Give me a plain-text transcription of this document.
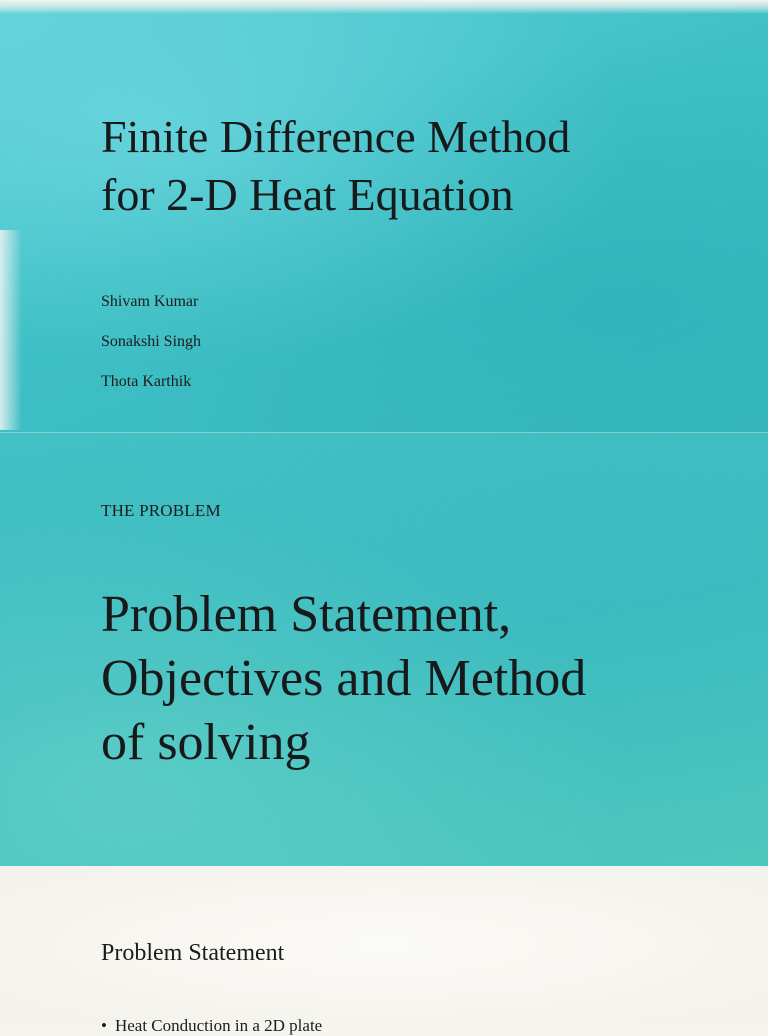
Finite Difference Method
for 2-D Heat Equation
Shivam Kumar
Sonakshi Singh
Thota Karthik
THE PROBLEM
Problem Statement,
Objectives and Method
of solving
Problem Statement
• Heat Conduction in a 2D plate
